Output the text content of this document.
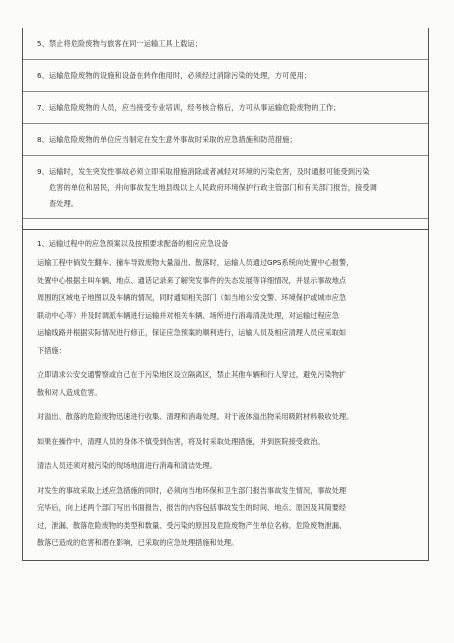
5、禁止将危险废物与旅客在同一运输工具上载运；
6、运输危险废物的设施和设备在转作他用时，必须经过消除污染的处理，方可使用；
7、运输危险废物的人员，应当接受专业培训，经考核合格后，方可从事运输危险废物的工作；
8、运输危险废物的单位应当制定在发生意外事故时采取的应急措施和防范措施；
9、运输时，发生突发性事故必须立即采取措施消除或者减轻对环境的污染危害，及时通报可能受到污染
危害的单位和居民，并向事故发生地县级以上人民政府环境保护行政主管部门和有关部门报告，接受调
查处理。
1、运输过程中的应急预案以及按照要求配备的相应应急设备
运输工程中倘发生翻车、撞车导致废物大量溢出、散落时，运输人员通过GPS系统向处置中心报警，
处置中心根据主叫车辆、地点、通话记录来了解突发事件的失态发展等详细情况，并显示事故地点
周围的区域电子地图以及车辆的情况，同时通知相关部门（如当地公安交警、环境保护或城市应急
联动中心等）并及时调派车辆进行运输并对相关车辆、场所进行消毒清洗处理，对运输过程应急
运输线路并根据实际情况进行修正，保证应急预案的顺利进行，运输人员及相应清理人员应采取如
下措施：
立即请求公安交通警察或自己在于污染地区设立隔离区，禁止其他车辆和行人穿过，避免污染物扩
散和对人造成危害。
对溢出、散落的危险废物迅速进行收集、清理和消毒处理。对于液体溢出物采用吸附材料吸收处理。
如果在操作中，清理人员的身体不慎受到伤害，将及时采取处理措施，并到医院接受救治。
清洁人员还须对被污染的现场地面进行消毒和清洁处理。
对发生的事故采取上述应急措施的同时，必须向当地环保和卫生部门报告事故发生情况，事故处理
完毕后，向上述两个部门写出书面报告，报告的内容包括事故发生的时间、地点、原因及其简要经
过，泄漏、散落危险废物的类型和数量、受污染的原因及危险废物产生单位名称，危险废物泄漏、
散落已造成的危害和潜在影响，已采取的应急处理措施和处理。
